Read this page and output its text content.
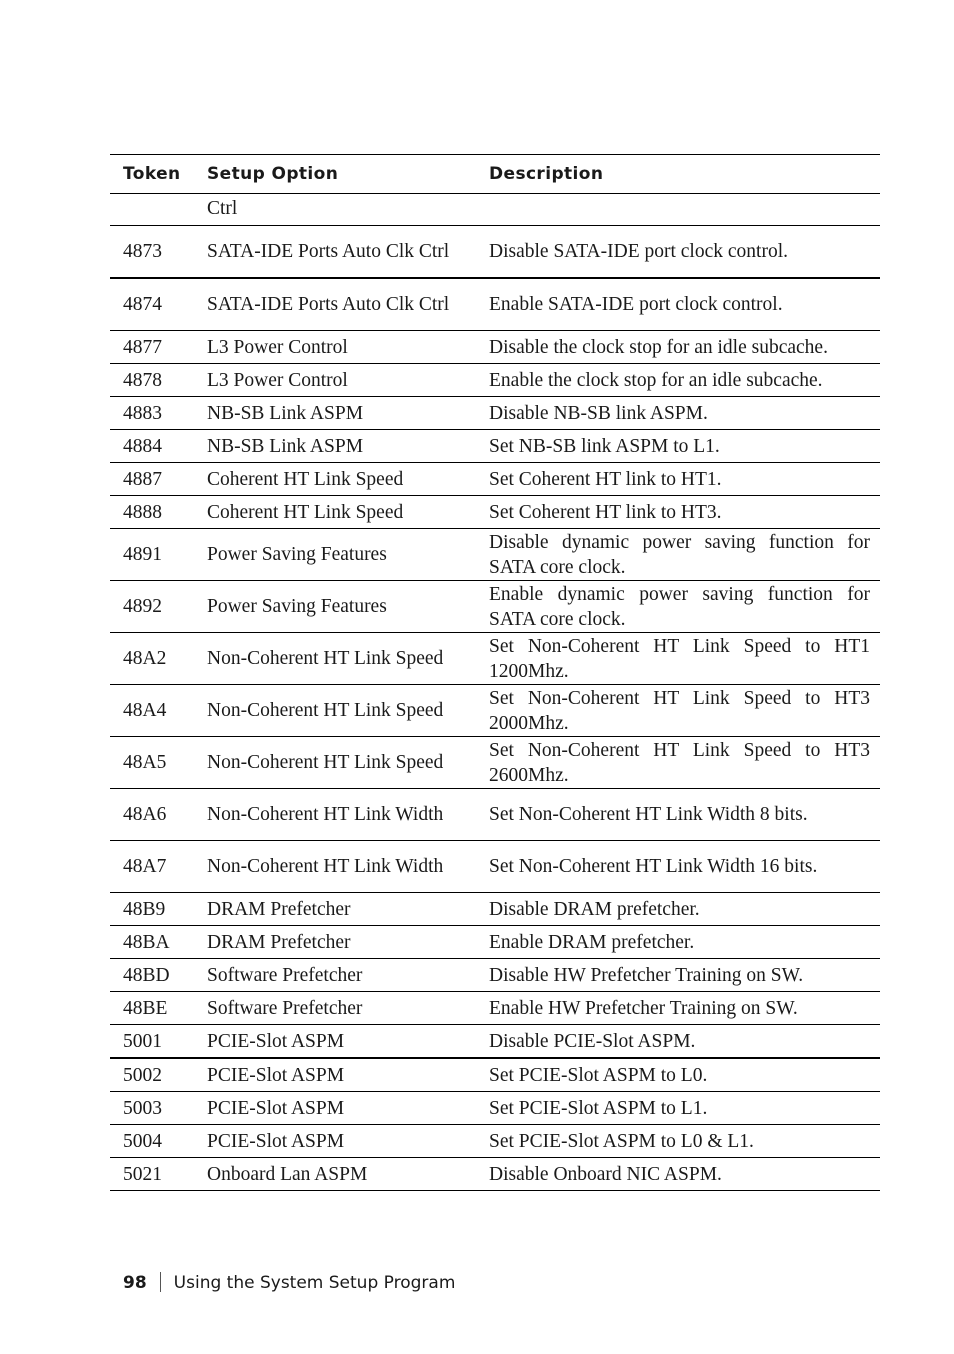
Token	Setup Option	Description

	Ctrl	

4873	SATA-IDE Ports Auto Clk Ctrl	Disable SATA-IDE port clock control.
4874	SATA-IDE Ports Auto Clk Ctrl	Enable SATA-IDE port clock control.
4877	L3 Power Control	Disable the clock stop for an idle subcache.
4878	L3 Power Control	Enable the clock stop for an idle subcache.
4883	NB-SB Link ASPM	Disable NB-SB link ASPM.
4884	NB-SB Link ASPM	Set NB-SB link ASPM to L1.
4887	Coherent HT Link Speed	Set Coherent HT link to HT1.
4888	Coherent HT Link Speed	Set Coherent HT link to HT3.
4891	Power Saving Features	Disable dynamic power saving function for SATA core clock.
4892	Power Saving Features	Enable dynamic power saving function for SATA core clock.
48A2	Non-Coherent HT Link Speed	Set Non-Coherent HT Link Speed to HT1 1200Mhz.
48A4	Non-Coherent HT Link Speed	Set Non-Coherent HT Link Speed to HT3 2000Mhz.
48A5	Non-Coherent HT Link Speed	Set Non-Coherent HT Link Speed to HT3 2600Mhz.
48A6	Non-Coherent HT Link Width	Set Non-Coherent HT Link Width 8 bits.
48A7	Non-Coherent HT Link Width	Set Non-Coherent HT Link Width 16 bits.
48B9	DRAM Prefetcher	Disable DRAM prefetcher.
48BA	DRAM Prefetcher	Enable DRAM prefetcher.
48BD	Software Prefetcher	Disable HW Prefetcher Training on SW.
48BE	Software Prefetcher	Enable HW Prefetcher Training on SW.
5001	PCIE-Slot ASPM	Disable PCIE-Slot ASPM.
5002	PCIE-Slot ASPM	Set PCIE-Slot ASPM to L0.
5003	PCIE-Slot ASPM	Set PCIE-Slot ASPM to L1.
5004	PCIE-Slot ASPM	Set PCIE-Slot ASPM to L0 & L1.
5021	Onboard Lan ASPM	Disable Onboard NIC ASPM.
98 Using the System Setup Program
